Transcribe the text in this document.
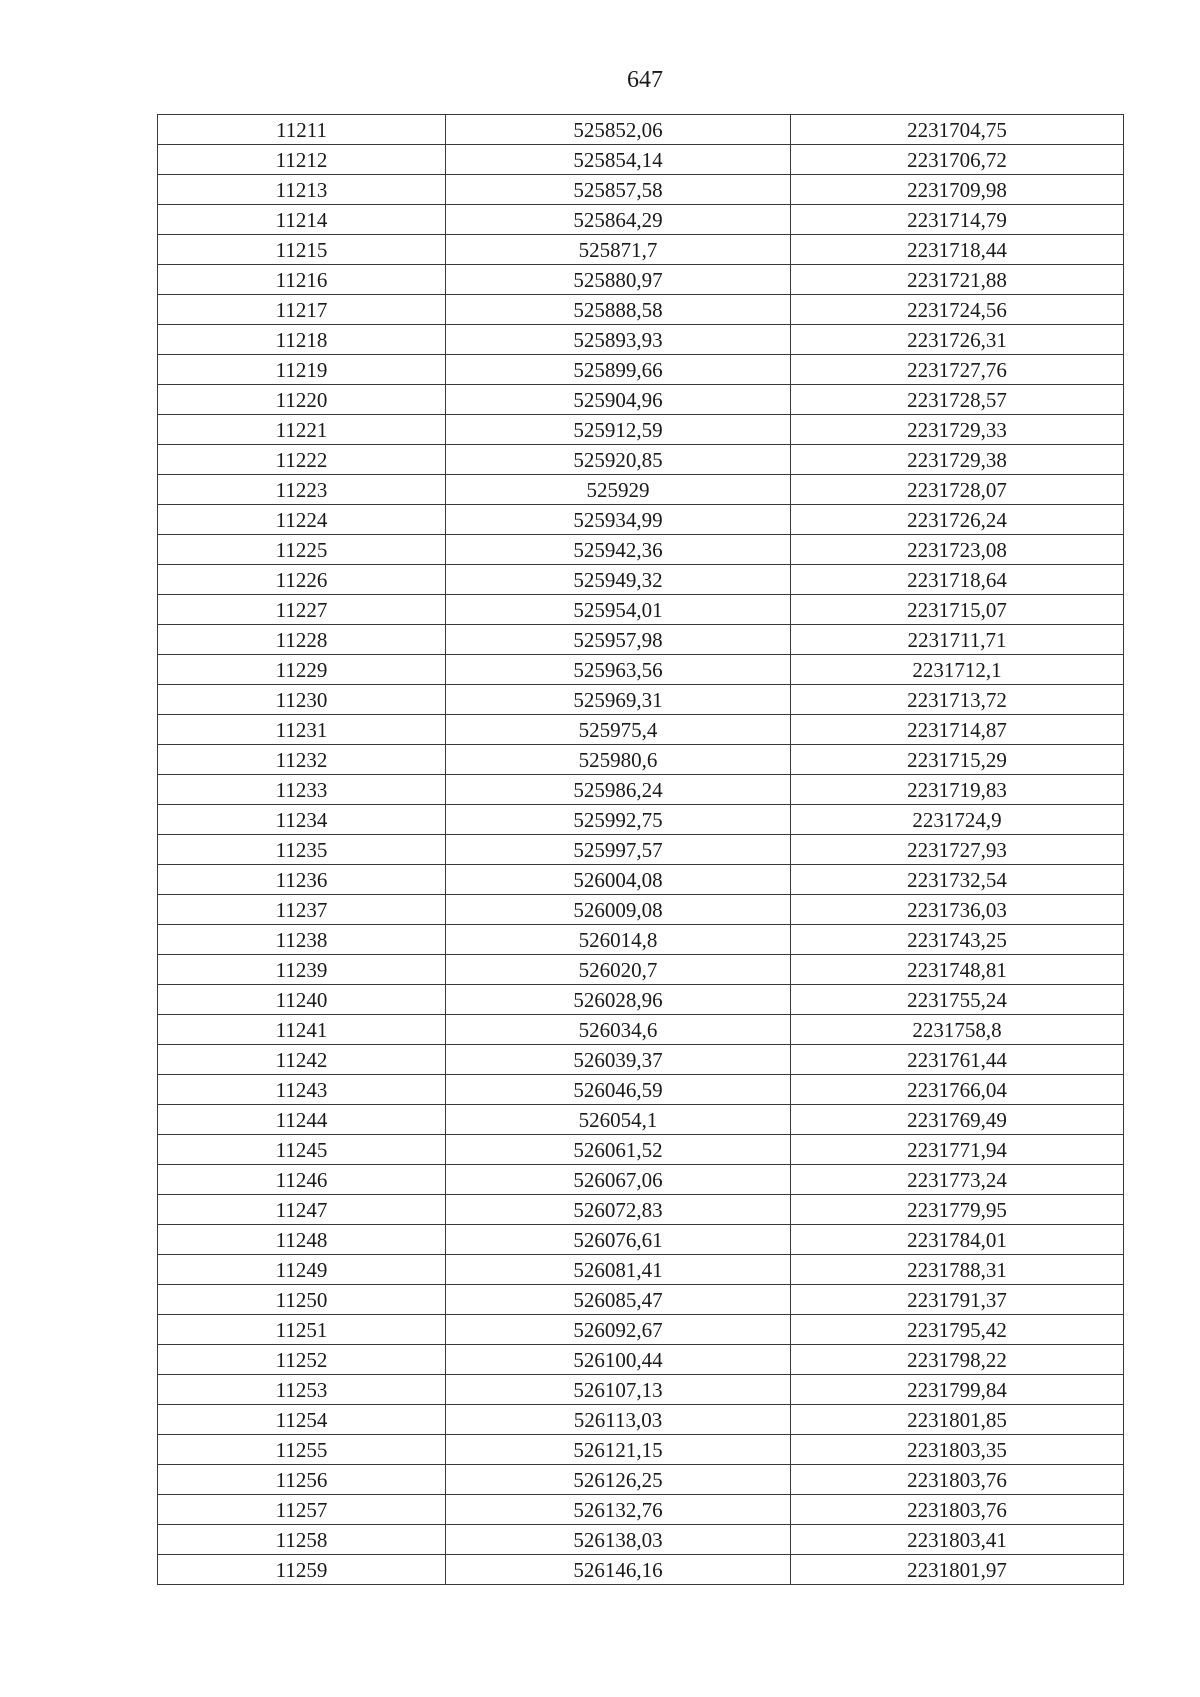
647
11211	525852,06	2231704,75
11212	525854,14	2231706,72
11213	525857,58	2231709,98
11214	525864,29	2231714,79
11215	525871,7	2231718,44
11216	525880,97	2231721,88
11217	525888,58	2231724,56
11218	525893,93	2231726,31
11219	525899,66	2231727,76
11220	525904,96	2231728,57
11221	525912,59	2231729,33
11222	525920,85	2231729,38
11223	525929	2231728,07
11224	525934,99	2231726,24
11225	525942,36	2231723,08
11226	525949,32	2231718,64
11227	525954,01	2231715,07
11228	525957,98	2231711,71
11229	525963,56	2231712,1
11230	525969,31	2231713,72
11231	525975,4	2231714,87
11232	525980,6	2231715,29
11233	525986,24	2231719,83
11234	525992,75	2231724,9
11235	525997,57	2231727,93
11236	526004,08	2231732,54
11237	526009,08	2231736,03
11238	526014,8	2231743,25
11239	526020,7	2231748,81
11240	526028,96	2231755,24
11241	526034,6	2231758,8
11242	526039,37	2231761,44
11243	526046,59	2231766,04
11244	526054,1	2231769,49
11245	526061,52	2231771,94
11246	526067,06	2231773,24
11247	526072,83	2231779,95
11248	526076,61	2231784,01
11249	526081,41	2231788,31
11250	526085,47	2231791,37
11251	526092,67	2231795,42
11252	526100,44	2231798,22
11253	526107,13	2231799,84
11254	526113,03	2231801,85
11255	526121,15	2231803,35
11256	526126,25	2231803,76
11257	526132,76	2231803,76
11258	526138,03	2231803,41
11259	526146,16	2231801,97
